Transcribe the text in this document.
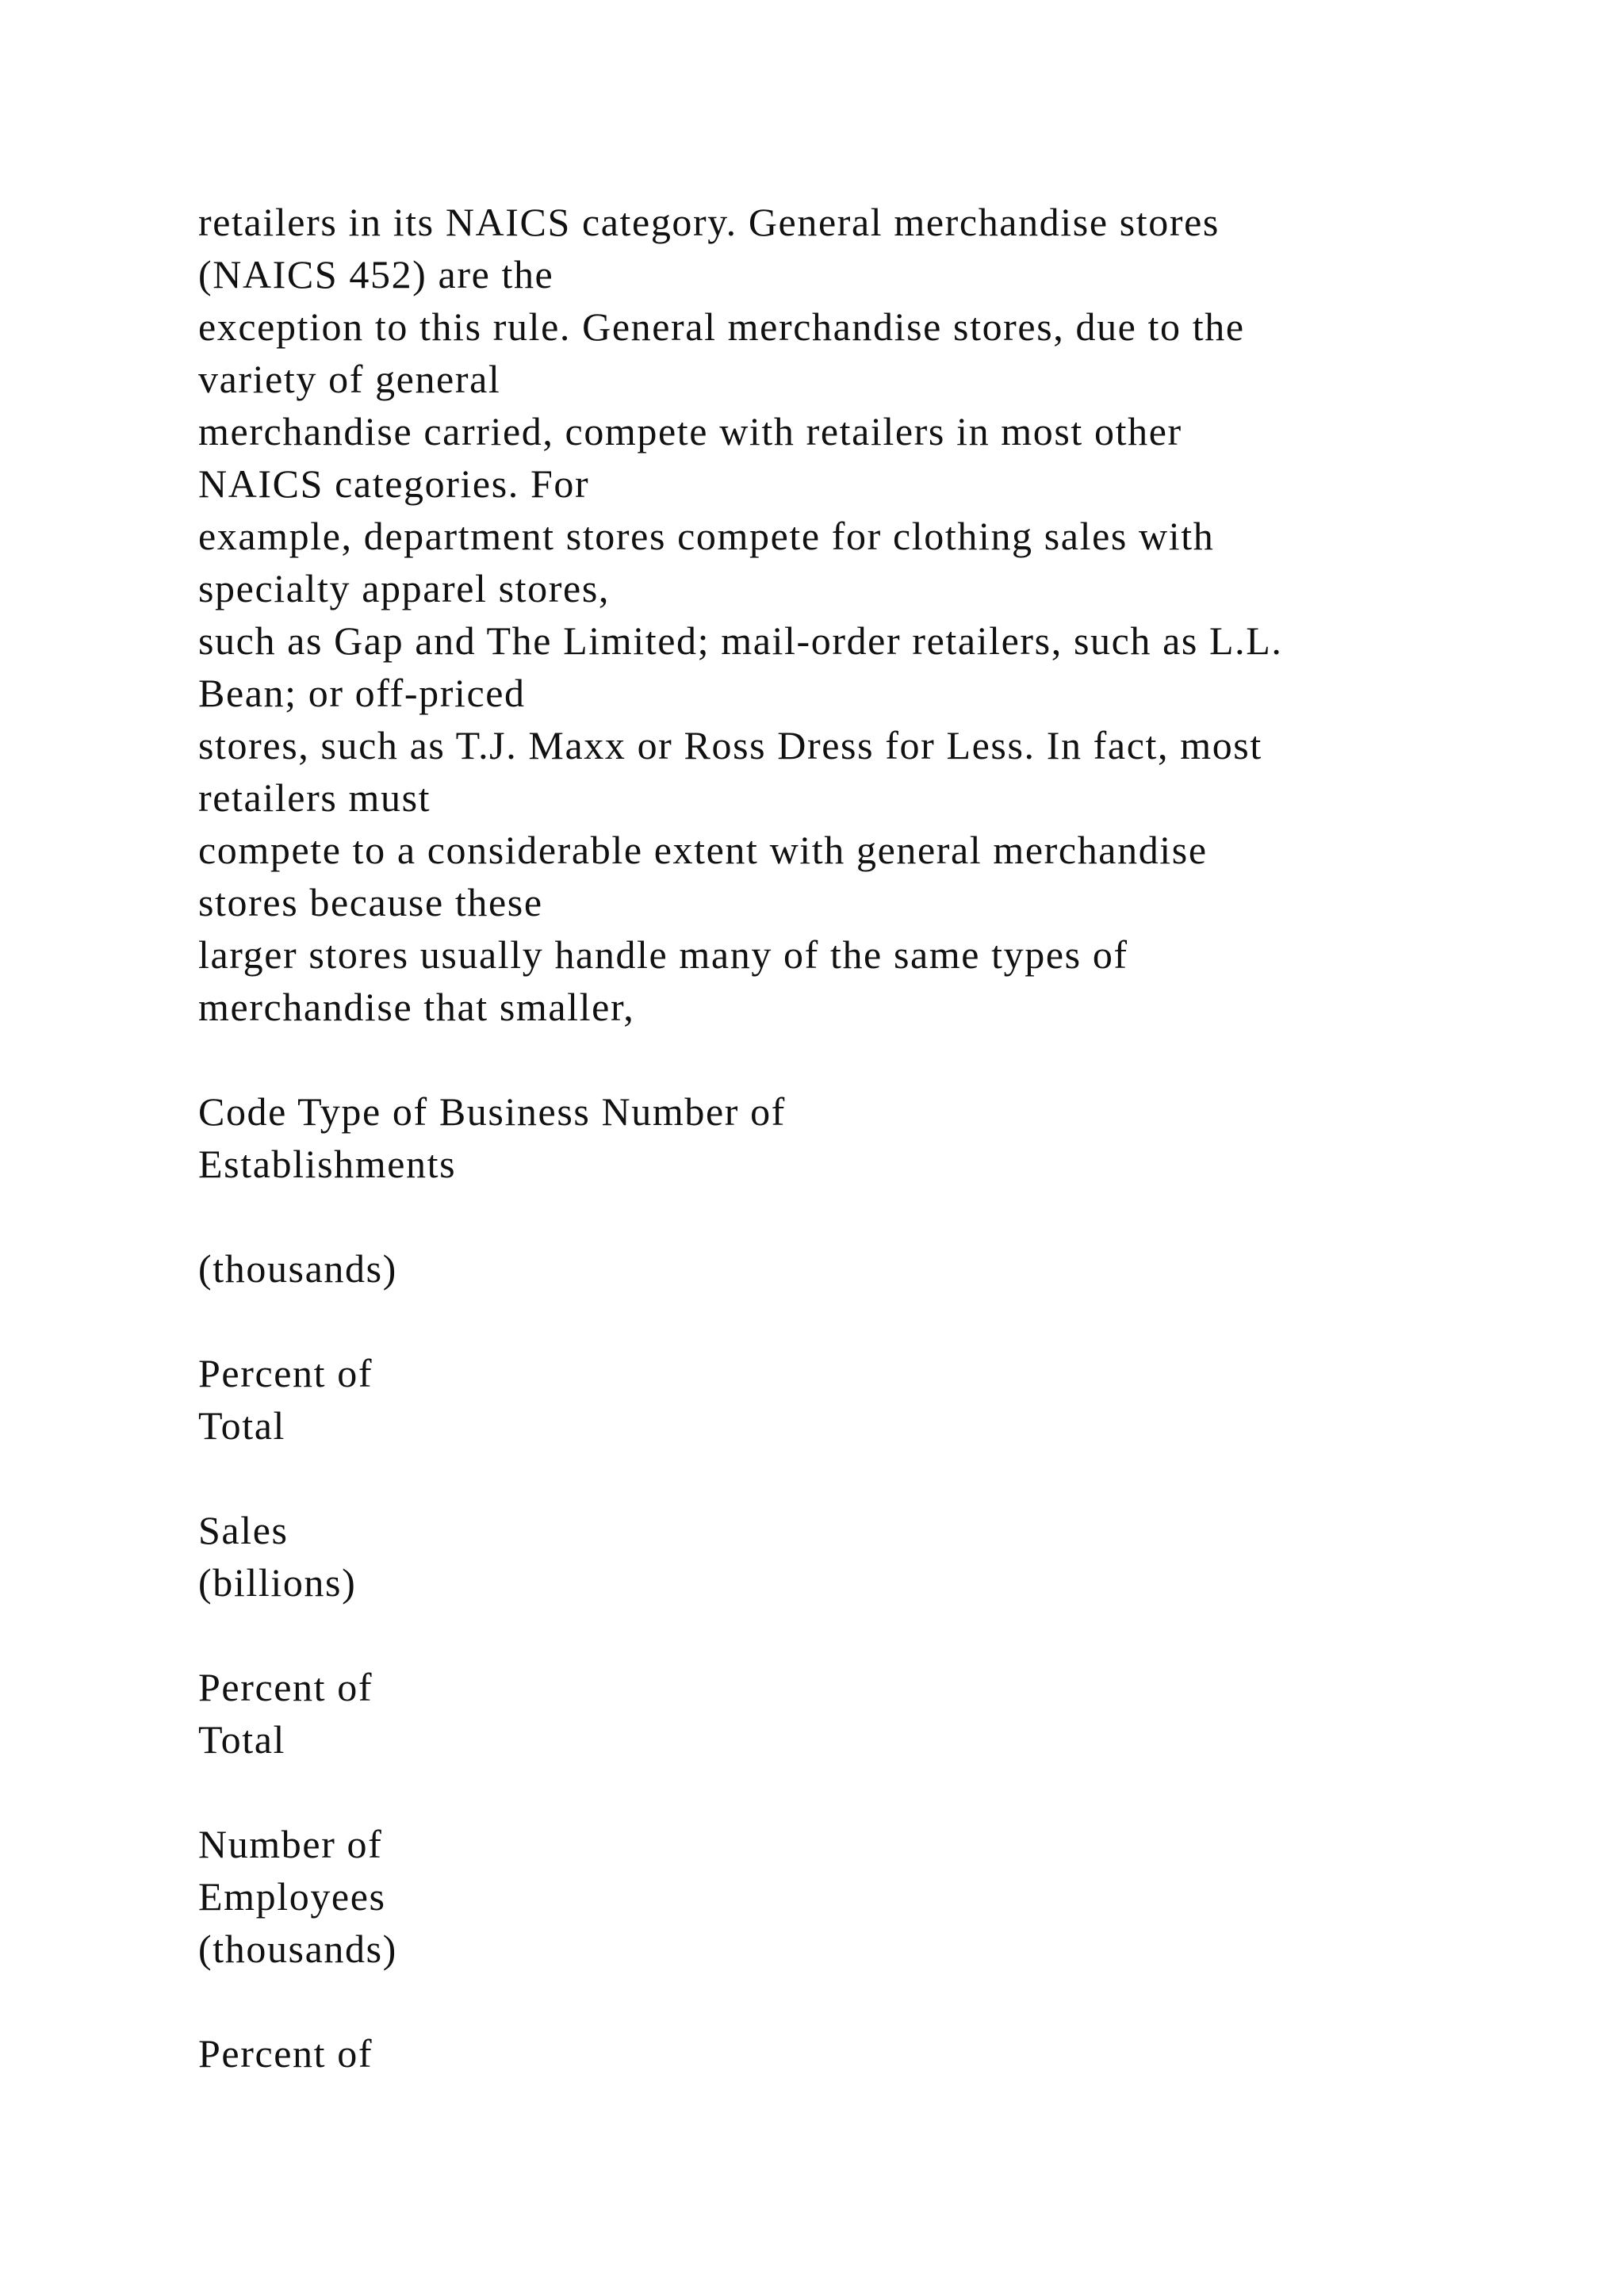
retailers in its NAICS category. General merchandise stores
(NAICS 452) are the
exception to this rule. General merchandise stores, due to the
variety of general
merchandise carried, compete with retailers in most other
NAICS categories. For
example, department stores compete for clothing sales with
specialty apparel stores,
such as Gap and The Limited; mail-order retailers, such as L.L.
Bean; or off-priced
stores, such as T.J. Maxx or Ross Dress for Less. In fact, most
retailers must
compete to a considerable extent with general merchandise
stores because these
larger stores usually handle many of the same types of
merchandise that smaller,
Code Type of Business Number of
Establishments
(thousands)
Percent of
Total
Sales
(billions)
Percent of
Total
Number of
Employees
(thousands)
Percent of
